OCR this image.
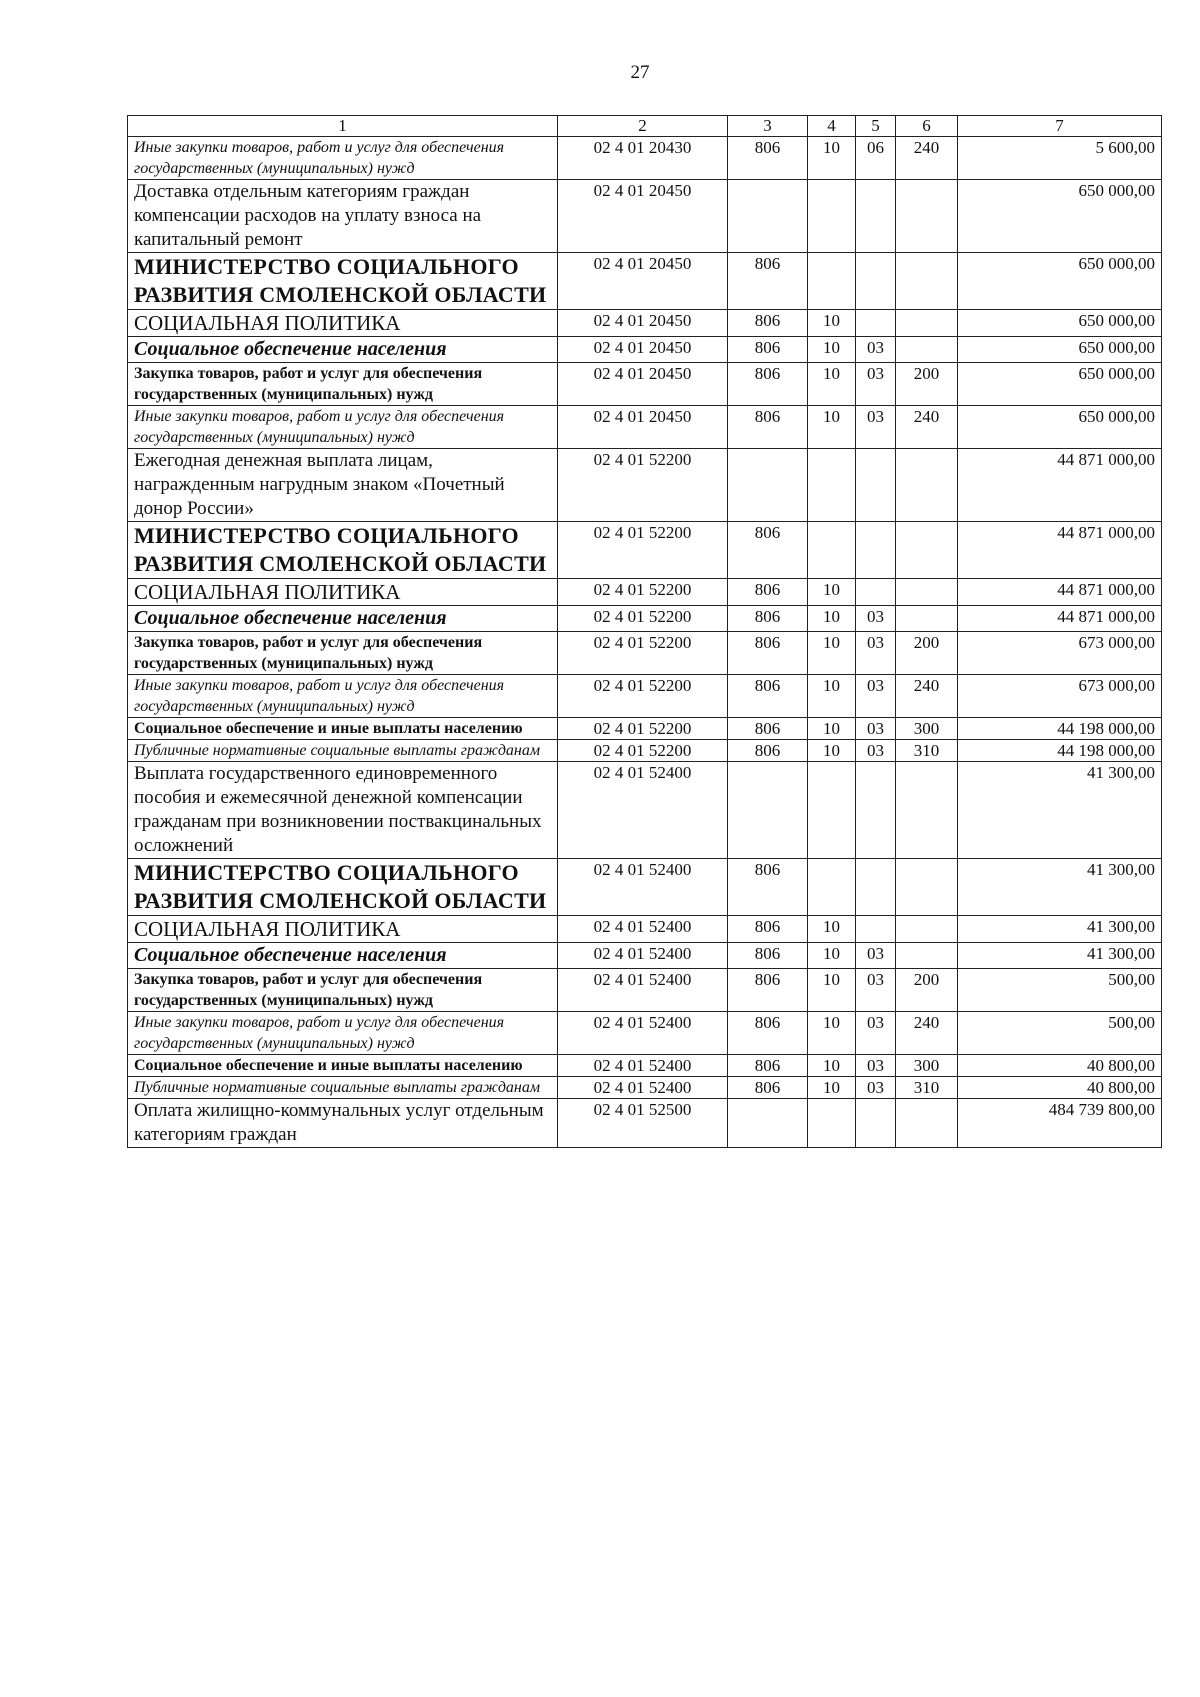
27
1	2	3	4	5	6	7
Иные закупки товаров, работ и услуг для обеспечения государственных (муниципальных) нужд	02 4 01 20430	806	10	06	240	5 600,00
Доставка отдельным категориям граждан компенсации расходов на уплату взноса на капитальный ремонт	02 4 01 20450					650 000,00
МИНИСТЕРСТВО СОЦИАЛЬНОГО РАЗВИТИЯ СМОЛЕНСКОЙ ОБЛАСТИ	02 4 01 20450	806				650 000,00
СОЦИАЛЬНАЯ ПОЛИТИКА	02 4 01 20450	806	10			650 000,00
Социальное обеспечение населения	02 4 01 20450	806	10	03		650 000,00
Закупка товаров, работ и услуг для обеспечения государственных (муниципальных) нужд	02 4 01 20450	806	10	03	200	650 000,00
Иные закупки товаров, работ и услуг для обеспечения государственных (муниципальных) нужд	02 4 01 20450	806	10	03	240	650 000,00
Ежегодная денежная выплата лицам, награжденным нагрудным знаком «Почетный донор России»	02 4 01 52200					44 871 000,00
МИНИСТЕРСТВО СОЦИАЛЬНОГО РАЗВИТИЯ СМОЛЕНСКОЙ ОБЛАСТИ	02 4 01 52200	806				44 871 000,00
СОЦИАЛЬНАЯ ПОЛИТИКА	02 4 01 52200	806	10			44 871 000,00
Социальное обеспечение населения	02 4 01 52200	806	10	03		44 871 000,00
Закупка товаров, работ и услуг для обеспечения государственных (муниципальных) нужд	02 4 01 52200	806	10	03	200	673 000,00
Иные закупки товаров, работ и услуг для обеспечения государственных (муниципальных) нужд	02 4 01 52200	806	10	03	240	673 000,00
Социальное обеспечение и иные выплаты населению	02 4 01 52200	806	10	03	300	44 198 000,00
Публичные нормативные социальные выплаты гражданам	02 4 01 52200	806	10	03	310	44 198 000,00
Выплата государственного единовременного пособия и ежемесячной денежной компенсации гражданам при возникновении поствакцинальных осложнений	02 4 01 52400					41 300,00
МИНИСТЕРСТВО СОЦИАЛЬНОГО РАЗВИТИЯ СМОЛЕНСКОЙ ОБЛАСТИ	02 4 01 52400	806				41 300,00
СОЦИАЛЬНАЯ ПОЛИТИКА	02 4 01 52400	806	10			41 300,00
Социальное обеспечение населения	02 4 01 52400	806	10	03		41 300,00
Закупка товаров, работ и услуг для обеспечения государственных (муниципальных) нужд	02 4 01 52400	806	10	03	200	500,00
Иные закупки товаров, работ и услуг для обеспечения государственных (муниципальных) нужд	02 4 01 52400	806	10	03	240	500,00
Социальное обеспечение и иные выплаты населению	02 4 01 52400	806	10	03	300	40 800,00
Публичные нормативные социальные выплаты гражданам	02 4 01 52400	806	10	03	310	40 800,00
Оплата жилищно-коммунальных услуг отдельным категориям граждан	02 4 01 52500					484 739 800,00
